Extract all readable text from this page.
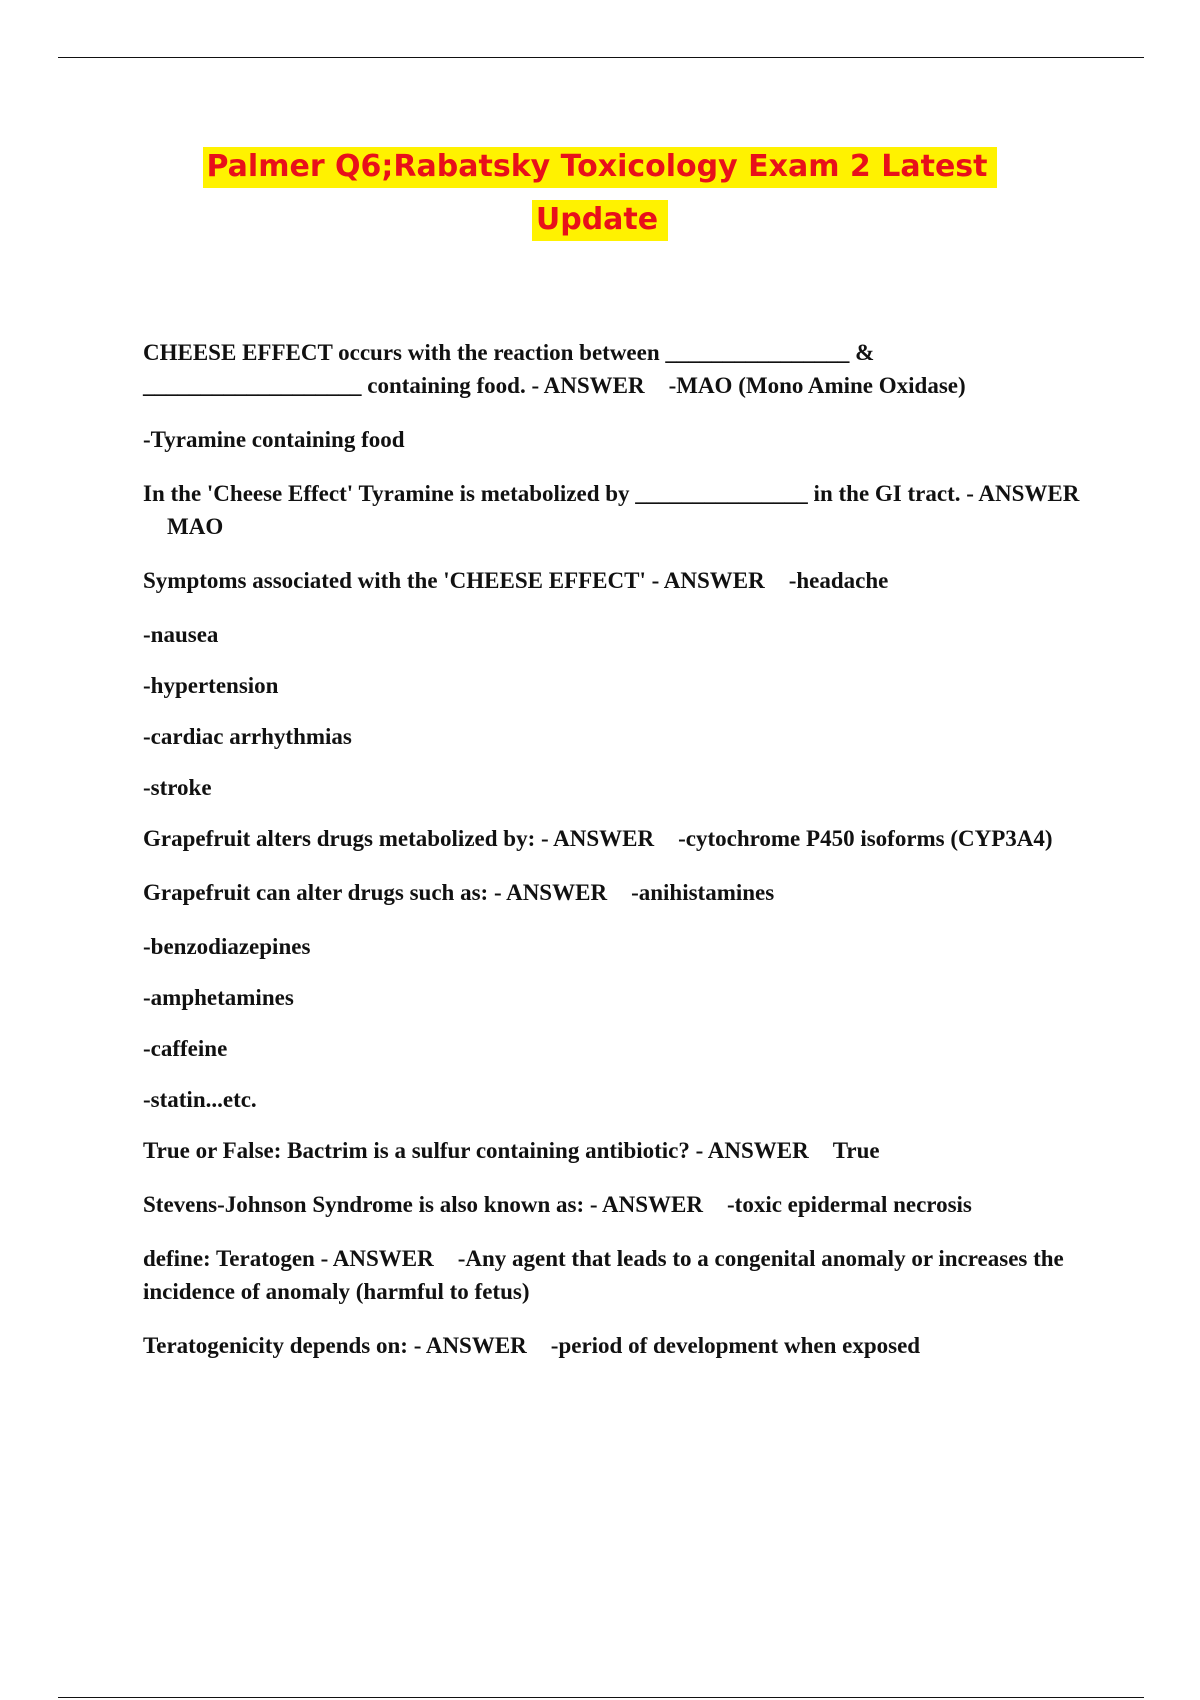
Palmer Q6;Rabatsky Toxicology Exam 2 Latest
Update

CHEESE EFFECT occurs with the reaction between ________________ & ___________________ containing food. - ANSWER -MAO (Mono Amine Oxidase)

-Tyramine containing food

In the 'Cheese Effect' Tyramine is metabolized by _______________ in the GI tract. - ANSWERMAO

Symptoms associated with the 'CHEESE EFFECT' - ANSWER -headache

-nausea

-hypertension

-cardiac arrhythmias

-stroke

Grapefruit alters drugs metabolized by: - ANSWER -cytochrome P450 isoforms (CYP3A4)

Grapefruit can alter drugs such as: - ANSWER -anihistamines

-benzodiazepines

-amphetamines

-caffeine

-statin...etc.

True or False: Bactrim is a sulfur containing antibiotic? - ANSWER True

Stevens-Johnson Syndrome is also known as: - ANSWER -toxic epidermal necrosis

define: Teratogen - ANSWER -Any agent that leads to a congenital anomaly or increases the incidence of anomaly (harmful to fetus)

Teratogenicity depends on: - ANSWER -period of development when exposed
